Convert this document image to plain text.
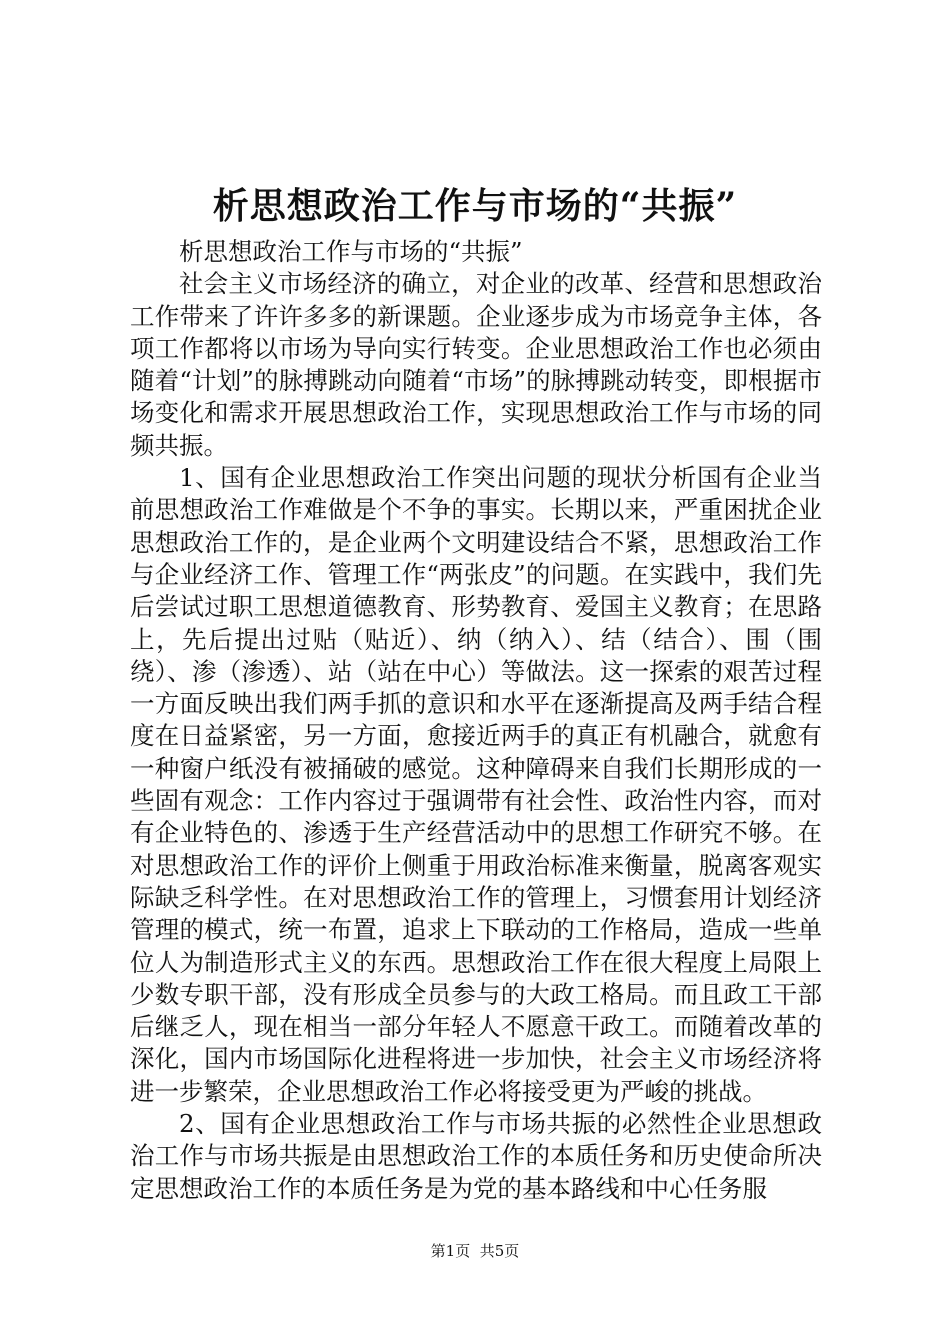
析思想政治工作与市场的“共振”

析思想政治工作与市场的“共振”

社会主义市场经济的确立，对企业的改革、经营和思想政治工作带来了许许多多的新课题。企业逐步成为市场竞争主体，各项工作都将以市场为导向实行转变。企业思想政治工作也必须由随着“计划”的脉搏跳动向随着“市场”的脉搏跳动转变，即根据市场变化和需求开展思想政治工作，实现思想政治工作与市场的同频共振。

1、国有企业思想政治工作突出问题的现状分析国有企业当前思想政治工作难做是个不争的事实。长期以来，严重困扰企业思想政治工作的，是企业两个文明建设结合不紧，思想政治工作与企业经济工作、管理工作“两张皮”的问题。在实践中，我们先后尝试过职工思想道德教育、形势教育、爱国主义教育；在思路上，先后提出过贴（贴近）、纳（纳入）、结（结合）、围（围绕）、渗（渗透）、站（站在中心）等做法。这一探索的艰苦过程一方面反映出我们两手抓的意识和水平在逐渐提高及两手结合程度在日益紧密，另一方面，愈接近两手的真正有机融合，就愈有一种窗户纸没有被捅破的感觉。这种障碍来自我们长期形成的一些固有观念：工作内容过于强调带有社会性、政治性内容，而对有企业特色的、渗透于生产经营活动中的思想工作研究不够。在对思想政治工作的评价上侧重于用政治标准来衡量，脱离客观实际缺乏科学性。在对思想政治工作的管理上，习惯套用计划经济管理的模式，统一布置，追求上下联动的工作格局，造成一些单位人为制造形式主义的东西。思想政治工作在很大程度上局限上少数专职干部，没有形成全员参与的大政工格局。而且政工干部后继乏人，现在相当一部分年轻人不愿意干政工。而随着改革的深化，国内市场国际化进程将进一步加快，社会主义市场经济将进一步繁荣，企业思想政治工作必将接受更为严峻的挑战。

2、国有企业思想政治工作与市场共振的必然性企业思想政治工作与市场共振是由思想政治工作的本质任务和历史使命所决定思想政治工作的本质任务是为党的基本路线和中心任务服

第1页 共5页
